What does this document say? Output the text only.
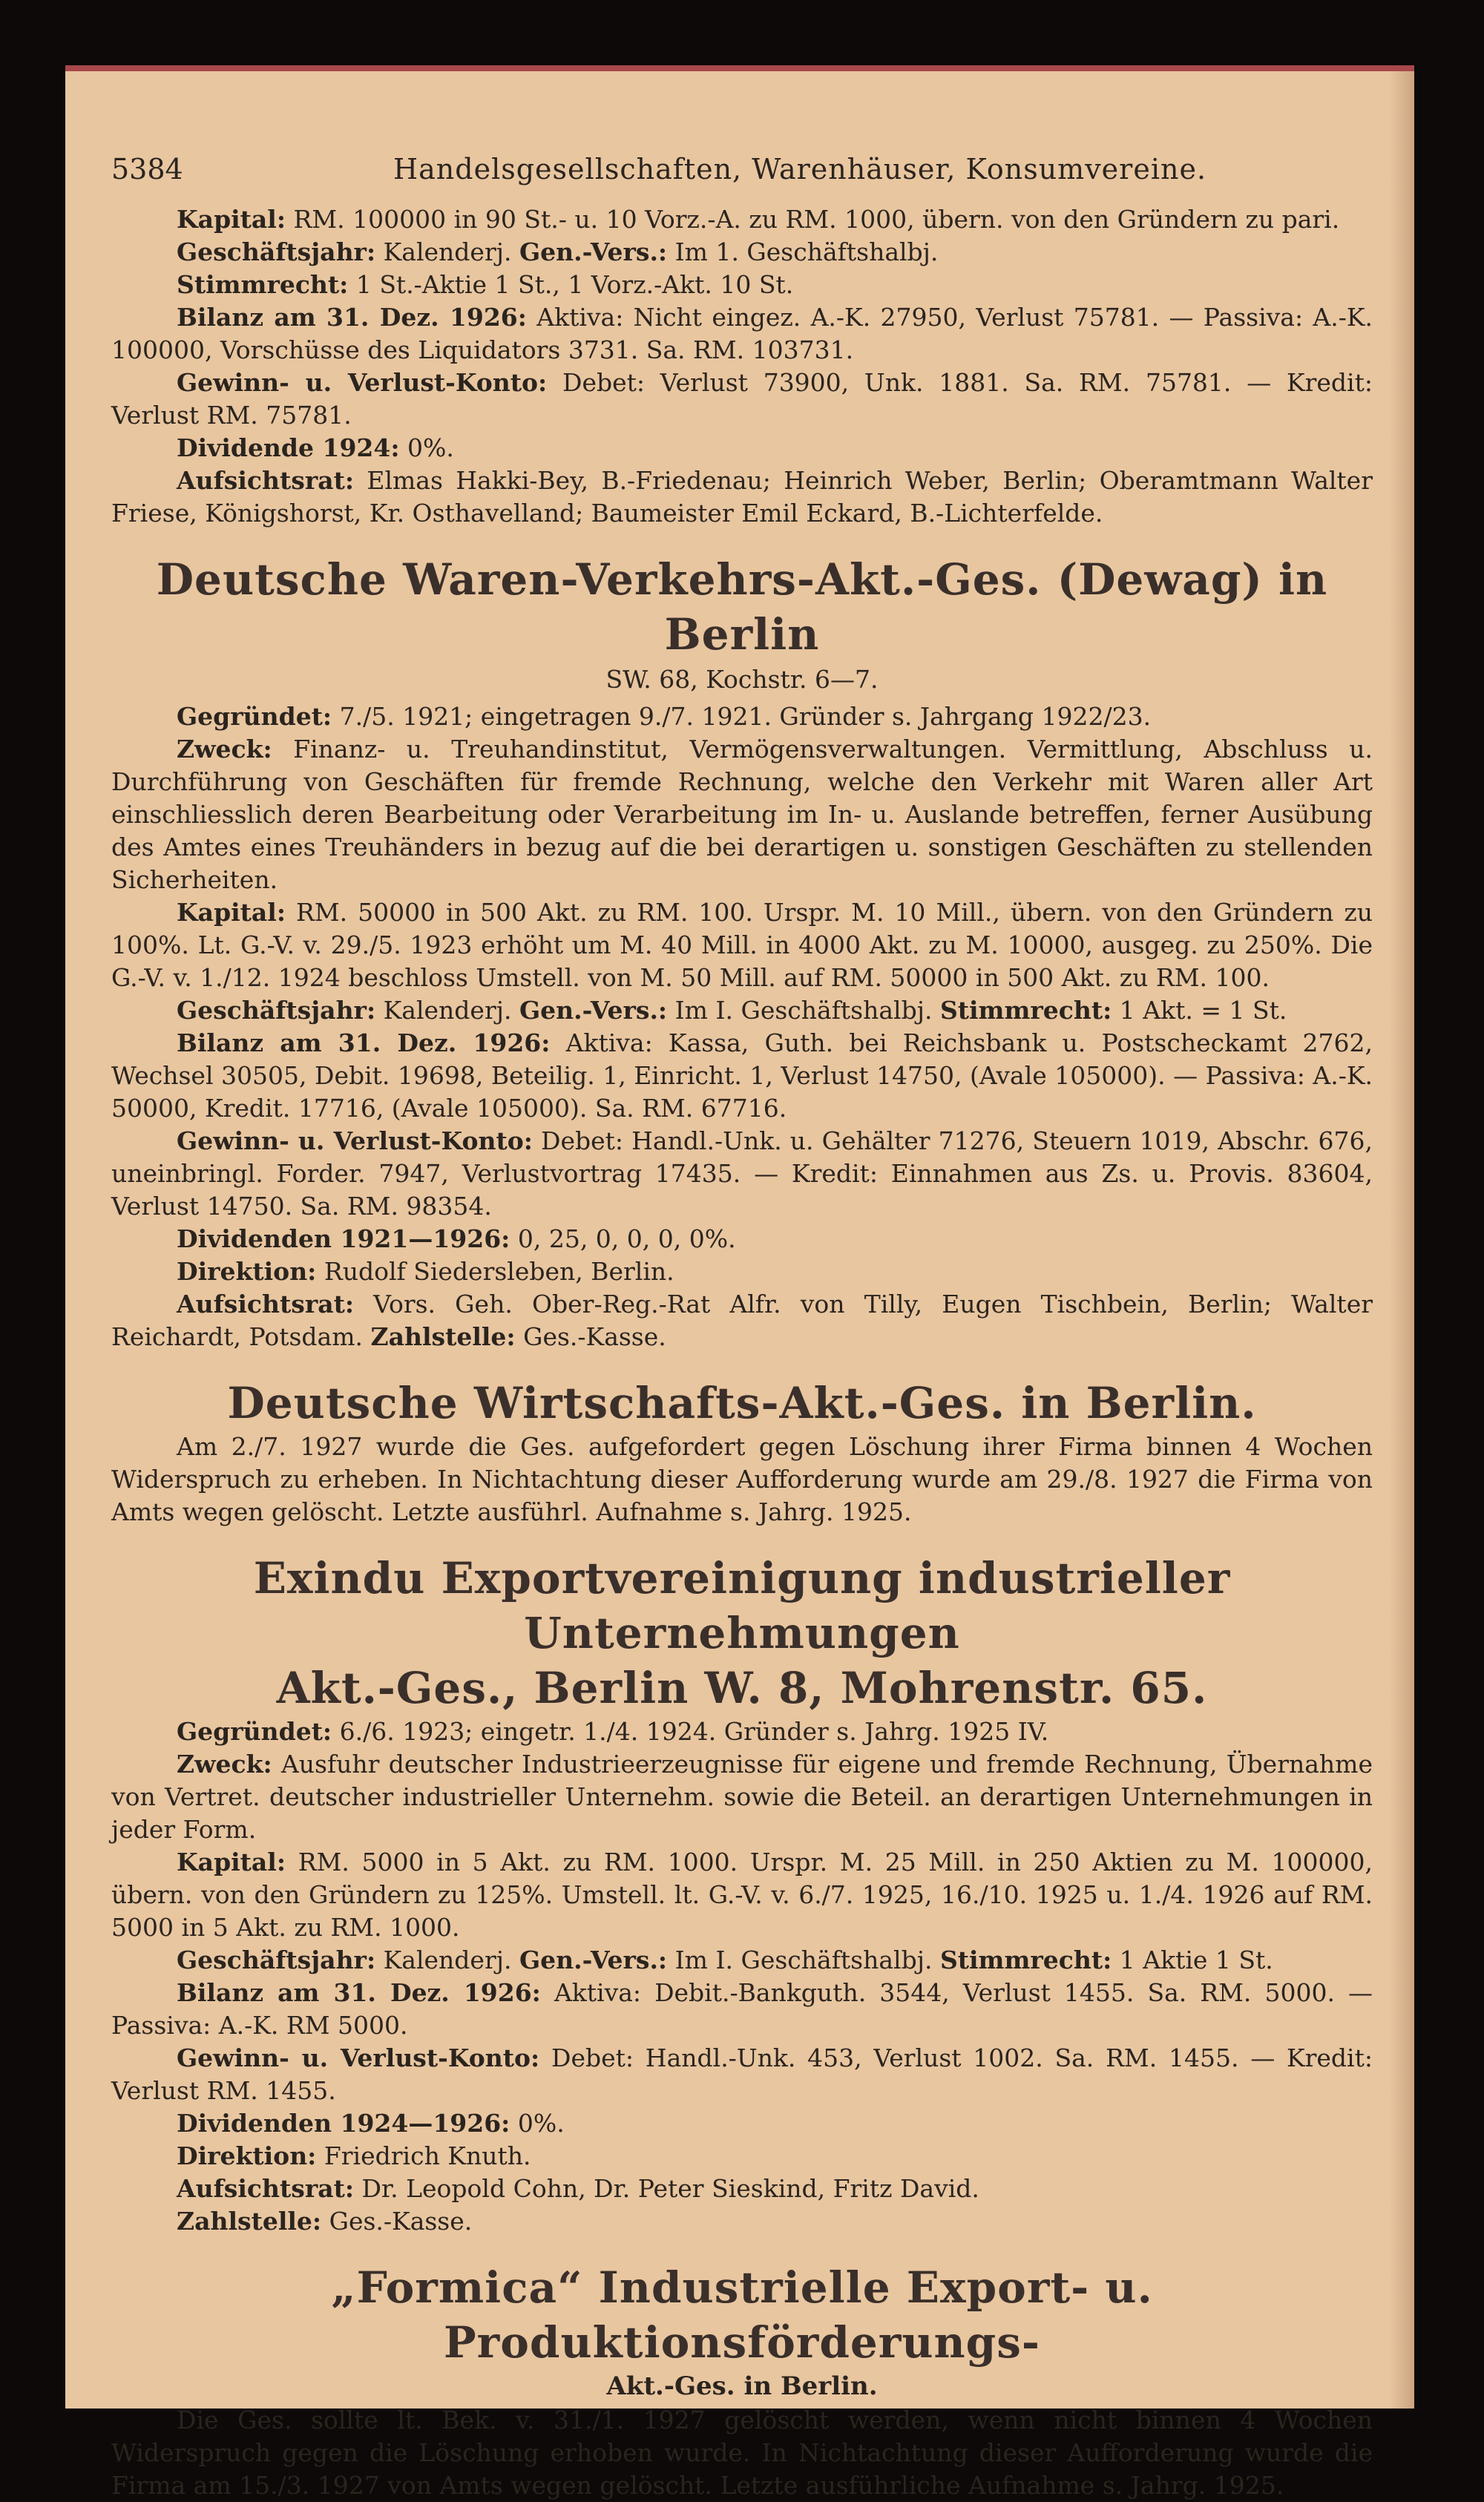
5384	Handelsgesellschaften, Warenhäuser, Konsumvereine.

Kapital: RM. 100000 in 90 St.- u. 10 Vorz.-A. zu RM. 1000, übern. von den Gründern zu pari.

Geschäftsjahr: Kalenderj. Gen.-Vers.: Im 1. Geschäftshalbj.

Stimmrecht: 1 St.-Aktie 1 St., 1 Vorz.-Akt. 10 St.

Bilanz am 31. Dez. 1926: Aktiva: Nicht eingez. A.-K. 27950, Verlust 75781. — Passiva: A.-K. 100000, Vorschüsse des Liquidators 3731. Sa. RM. 103731.

Gewinn- u. Verlust-Konto: Debet: Verlust 73900, Unk. 1881. Sa. RM. 75781. — Kredit: Verlust RM. 75781.

Dividende 1924: 0%.

Aufsichtsrat: Elmas Hakki-Bey, B.-Friedenau; Heinrich Weber, Berlin; Oberamtmann Walter Friese, Königshorst, Kr. Osthavelland; Baumeister Emil Eckard, B.-Lichterfelde.

Deutsche Waren-Verkehrs-Akt.-Ges. (Dewag) in Berlin
SW. 68, Kochstr. 6—7.

Gegründet: 7./5. 1921; eingetragen 9./7. 1921. Gründer s. Jahrgang 1922/23.

Zweck: Finanz- u. Treuhandinstitut, Vermögensverwaltungen. Vermittlung, Abschluss u. Durchführung von Geschäften für fremde Rechnung, welche den Verkehr mit Waren aller Art einschliesslich deren Bearbeitung oder Verarbeitung im In- u. Auslande betreffen, ferner Ausübung des Amtes eines Treuhänders in bezug auf die bei derartigen u. sonstigen Geschäften zu stellenden Sicherheiten.

Kapital: RM. 50000 in 500 Akt. zu RM. 100. Urspr. M. 10 Mill., übern. von den Gründern zu 100%. Lt. G.-V. v. 29./5. 1923 erhöht um M. 40 Mill. in 4000 Akt. zu M. 10000, ausgeg. zu 250%. Die G.-V. v. 1./12. 1924 beschloss Umstell. von M. 50 Mill. auf RM. 50000 in 500 Akt. zu RM. 100.

Geschäftsjahr: Kalenderj. Gen.-Vers.: Im I. Geschäftshalbj. Stimmrecht: 1 Akt. = 1 St.

Bilanz am 31. Dez. 1926: Aktiva: Kassa, Guth. bei Reichsbank u. Postscheckamt 2762, Wechsel 30505, Debit. 19698, Beteilig. 1, Einricht. 1, Verlust 14750, (Avale 105000). — Passiva: A.-K. 50000, Kredit. 17716, (Avale 105000). Sa. RM. 67716.

Gewinn- u. Verlust-Konto: Debet: Handl.-Unk. u. Gehälter 71276, Steuern 1019, Abschr. 676, uneinbringl. Forder. 7947, Verlustvortrag 17435. — Kredit: Einnahmen aus Zs. u. Provis. 83604, Verlust 14750. Sa. RM. 98354.

Dividenden 1921—1926: 0, 25, 0, 0, 0, 0%.

Direktion: Rudolf Siedersleben, Berlin.

Aufsichtsrat: Vors. Geh. Ober-Reg.-Rat Alfr. von Tilly, Eugen Tischbein, Berlin; Walter Reichardt, Potsdam. Zahlstelle: Ges.-Kasse.

Deutsche Wirtschafts-Akt.-Ges. in Berlin.

Am 2./7. 1927 wurde die Ges. aufgefordert gegen Löschung ihrer Firma binnen 4 Wochen Widerspruch zu erheben. In Nichtachtung dieser Aufforderung wurde am 29./8. 1927 die Firma von Amts wegen gelöscht. Letzte ausführl. Aufnahme s. Jahrg. 1925.

Exindu Exportvereinigung industrieller Unternehmungen
Akt.-Ges., Berlin W. 8, Mohrenstr. 65.

Gegründet: 6./6. 1923; eingetr. 1./4. 1924. Gründer s. Jahrg. 1925 IV.

Zweck: Ausfuhr deutscher Industrieerzeugnisse für eigene und fremde Rechnung, Übernahme von Vertret. deutscher industrieller Unternehm. sowie die Beteil. an derartigen Unternehmungen in jeder Form.

Kapital: RM. 5000 in 5 Akt. zu RM. 1000. Urspr. M. 25 Mill. in 250 Aktien zu M. 100000, übern. von den Gründern zu 125%. Umstell. lt. G.-V. v. 6./7. 1925, 16./10. 1925 u. 1./4. 1926 auf RM. 5000 in 5 Akt. zu RM. 1000.

Geschäftsjahr: Kalenderj. Gen.-Vers.: Im I. Geschäftshalbj. Stimmrecht: 1 Aktie 1 St.

Bilanz am 31. Dez. 1926: Aktiva: Debit.-Bankguth. 3544, Verlust 1455. Sa. RM. 5000. — Passiva: A.-K. RM 5000.

Gewinn- u. Verlust-Konto: Debet: Handl.-Unk. 453, Verlust 1002. Sa. RM. 1455. — Kredit: Verlust RM. 1455.

Dividenden 1924—1926: 0%.

Direktion: Friedrich Knuth.

Aufsichtsrat: Dr. Leopold Cohn, Dr. Peter Sieskind, Fritz David.

Zahlstelle: Ges.-Kasse.

„Formica“ Industrielle Export- u. Produktionsförderungs-
Akt.-Ges. in Berlin.

Die Ges. sollte lt. Bek. v. 31./1. 1927 gelöscht werden, wenn nicht binnen 4 Wochen Widerspruch gegen die Löschung erhoben wurde. In Nichtachtung dieser Aufforderung wurde die Firma am 15./3. 1927 von Amts wegen gelöscht. Letzte ausführliche Aufnahme s. Jahrg. 1925.
